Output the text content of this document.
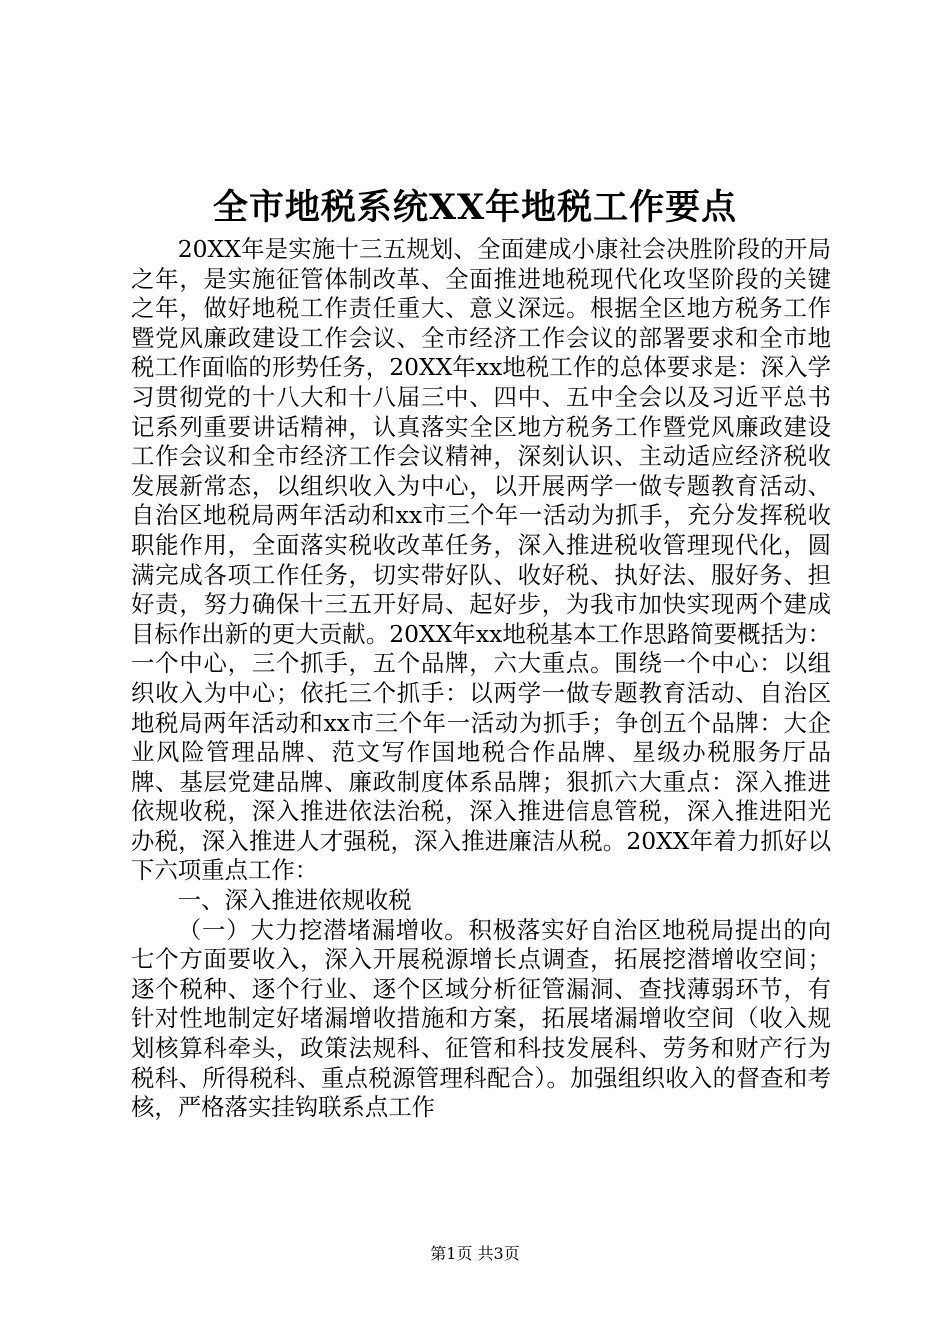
全市地税系统XX年地税工作要点

20XX年是实施十三五规划、全面建成小康社会决胜阶段的开局之年，是实施征管体制改革、全面推进地税现代化攻坚阶段的关键之年，做好地税工作责任重大、意义深远。根据全区地方税务工作暨党风廉政建设工作会议、全市经济工作会议的部署要求和全市地税工作面临的形势任务，20XX年xx地税工作的总体要求是：深入学习贯彻党的十八大和十八届三中、四中、五中全会以及习近平总书记系列重要讲话精神，认真落实全区地方税务工作暨党风廉政建设工作会议和全市经济工作会议精神，深刻认识、主动适应经济税收发展新常态，以组织收入为中心，以开展两学一做专题教育活动、自治区地税局两年活动和xx市三个年一活动为抓手，充分发挥税收职能作用，全面落实税收改革任务，深入推进税收管理现代化，圆满完成各项工作任务，切实带好队、收好税、执好法、服好务、担好责，努力确保十三五开好局、起好步，为我市加快实现两个建成目标作出新的更大贡献。20XX年xx地税基本工作思路简要概括为：一个中心，三个抓手，五个品牌，六大重点。围绕一个中心：以组织收入为中心；依托三个抓手：以两学一做专题教育活动、自治区地税局两年活动和xx市三个年一活动为抓手；争创五个品牌：大企业风险管理品牌、范文写作国地税合作品牌、星级办税服务厅品牌、基层党建品牌、廉政制度体系品牌；狠抓六大重点：深入推进依规收税，深入推进依法治税，深入推进信息管税，深入推进阳光办税，深入推进人才强税，深入推进廉洁从税。20XX年着力抓好以下六项重点工作：

一、深入推进依规收税

（一）大力挖潜堵漏增收。积极落实好自治区地税局提出的向七个方面要收入，深入开展税源增长点调查，拓展挖潜增收空间；逐个税种、逐个行业、逐个区域分析征管漏洞、查找薄弱环节，有针对性地制定好堵漏增收措施和方案，拓展堵漏增收空间（收入规划核算科牵头，政策法规科、征管和科技发展科、劳务和财产行为税科、所得税科、重点税源管理科配合）。加强组织收入的督查和考核，严格落实挂钩联系点工作

第1页 共3页
